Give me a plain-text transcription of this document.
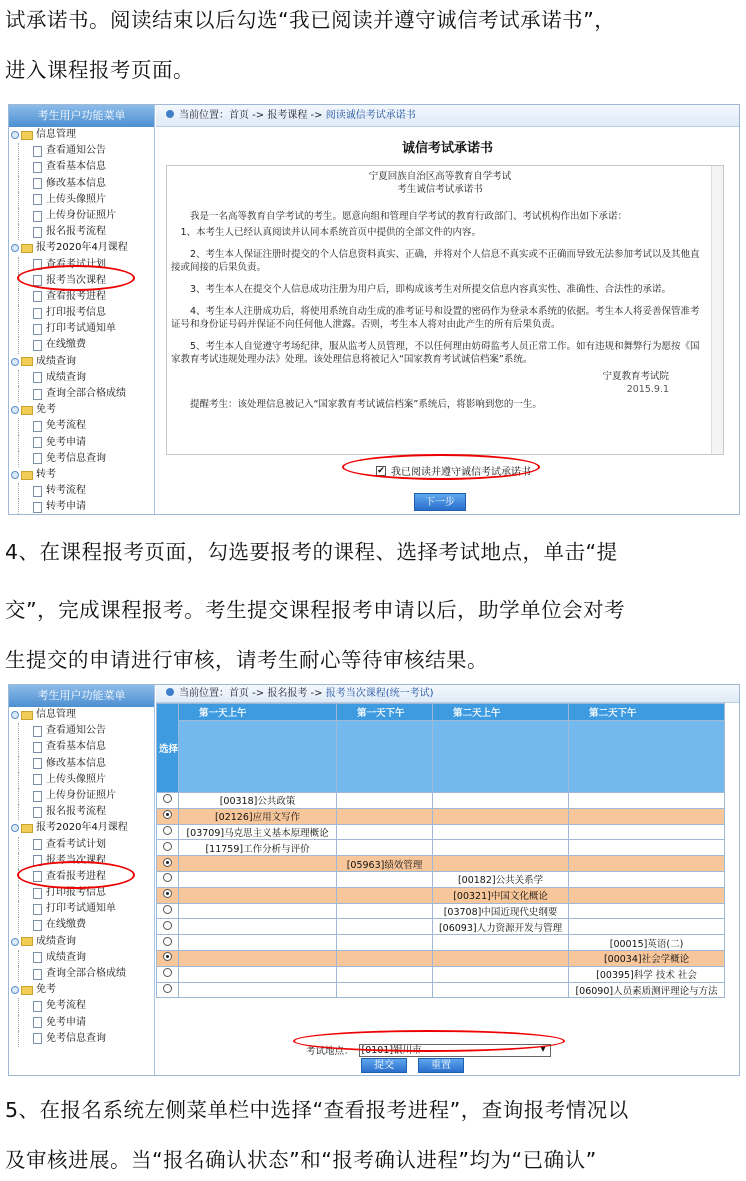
试承诺书。阅读结束以后勾选“我已阅读并遵守诚信考试承诺书”，
进入课程报考页面。
考生用户功能菜单
信息管理
查看通知公告
查看基本信息
修改基本信息
上传头像照片
上传身份证照片
报名报考流程
报考2020年4月课程
查看考试计划
报考当次课程
查看报考进程
打印报考信息
打印考试通知单
在线缴费
成绩查询
成绩查询
查询全部合格成绩
免考
免考流程
免考申请
免考信息查询
转考
转考流程
转考申请
当前位置：首页 -> 报考课程 -> 阅读诚信考试承诺书
诚信考试承诺书
宁夏回族自治区高等教育自学考试
考生诚信考试承诺书
我是一名高等教育自学考试的考生。愿意向组和管理自学考试的教育行政部门、考试机构作出如下承诺：
1、本考生人已经认真阅读并认同本系统首页中提供的全部文件的内容。
2、考生本人保证注册时提交的个人信息资料真实、正确，并将对个人信息不真实或不正确而导致无法参加考试以及其他直接或间接的后果负责。
3、考生本人在提交个人信息成功注册为用户后，即构成该考生对所提交信息内容真实性、准确性、合法性的承诺。
4、考生本人注册成功后，将使用系统自动生成的准考证号和设置的密码作为登录本系统的依据。考生本人将妥善保管准考证号和身份证号码并保证不向任何他人泄露。否则，考生本人将对由此产生的所有后果负责。
5、考生本人自觉遵守考场纪律，服从监考人员管理，不以任何理由妨碍监考人员正常工作。如有违规和舞弊行为愿按《国家教育考试违规处理办法》处理。该处理信息将被记入“国家教育考试诚信档案”系统。
宁夏教育考试院
2015.9.1
提醒考生：该处理信息被记入“国家教育考试诚信档案”系统后，将影响到您的一生。
✔ 我已阅读并遵守诚信考试承诺书
下一步
4、在课程报考页面，勾选要报考的课程、选择考试地点，单击“提
交”，完成课程报考。考生提交课程报考申请以后，助学单位会对考
生提交的申请进行审核，请考生耐心等待审核结果。
考生用户功能菜单
信息管理
查看通知公告
查看基本信息
修改基本信息
上传头像照片
上传身份证照片
报名报考流程
报考2020年4月课程
查看考试计划
报考当次课程
查看报考进程
打印报考信息
打印考试通知单
在线缴费
成绩查询
成绩查询
查询全部合格成绩
免考
免考流程
免考申请
免考信息查询
当前位置：首页 -> 报名报考 -> 报考当次课程(统一考试)
选择	第一天上午	第一天下午	第二天上午	第二天下午

	[00318]公共政策			
	[02126]应用文写作			
	[03709]马克思主义基本原理概论			
	[11759]工作分析与评价			
		[05963]绩效管理		
			[00182]公共关系学	
			[00321]中国文化概论	
			[03708]中国近现代史纲要	
			[06093]人力资源开发与管理	
				[00015]英语(二)
				[00034]社会学概论
				[00395]科学 技术 社会
				[06090]人员素质测评理论与方法
考试地点： [0101]银川市 ▾
提交	重置
5、在报名系统左侧菜单栏中选择“查看报考进程”，查询报考情况以
及审核进展。当“报名确认状态”和“报考确认进程”均为“已确认”
